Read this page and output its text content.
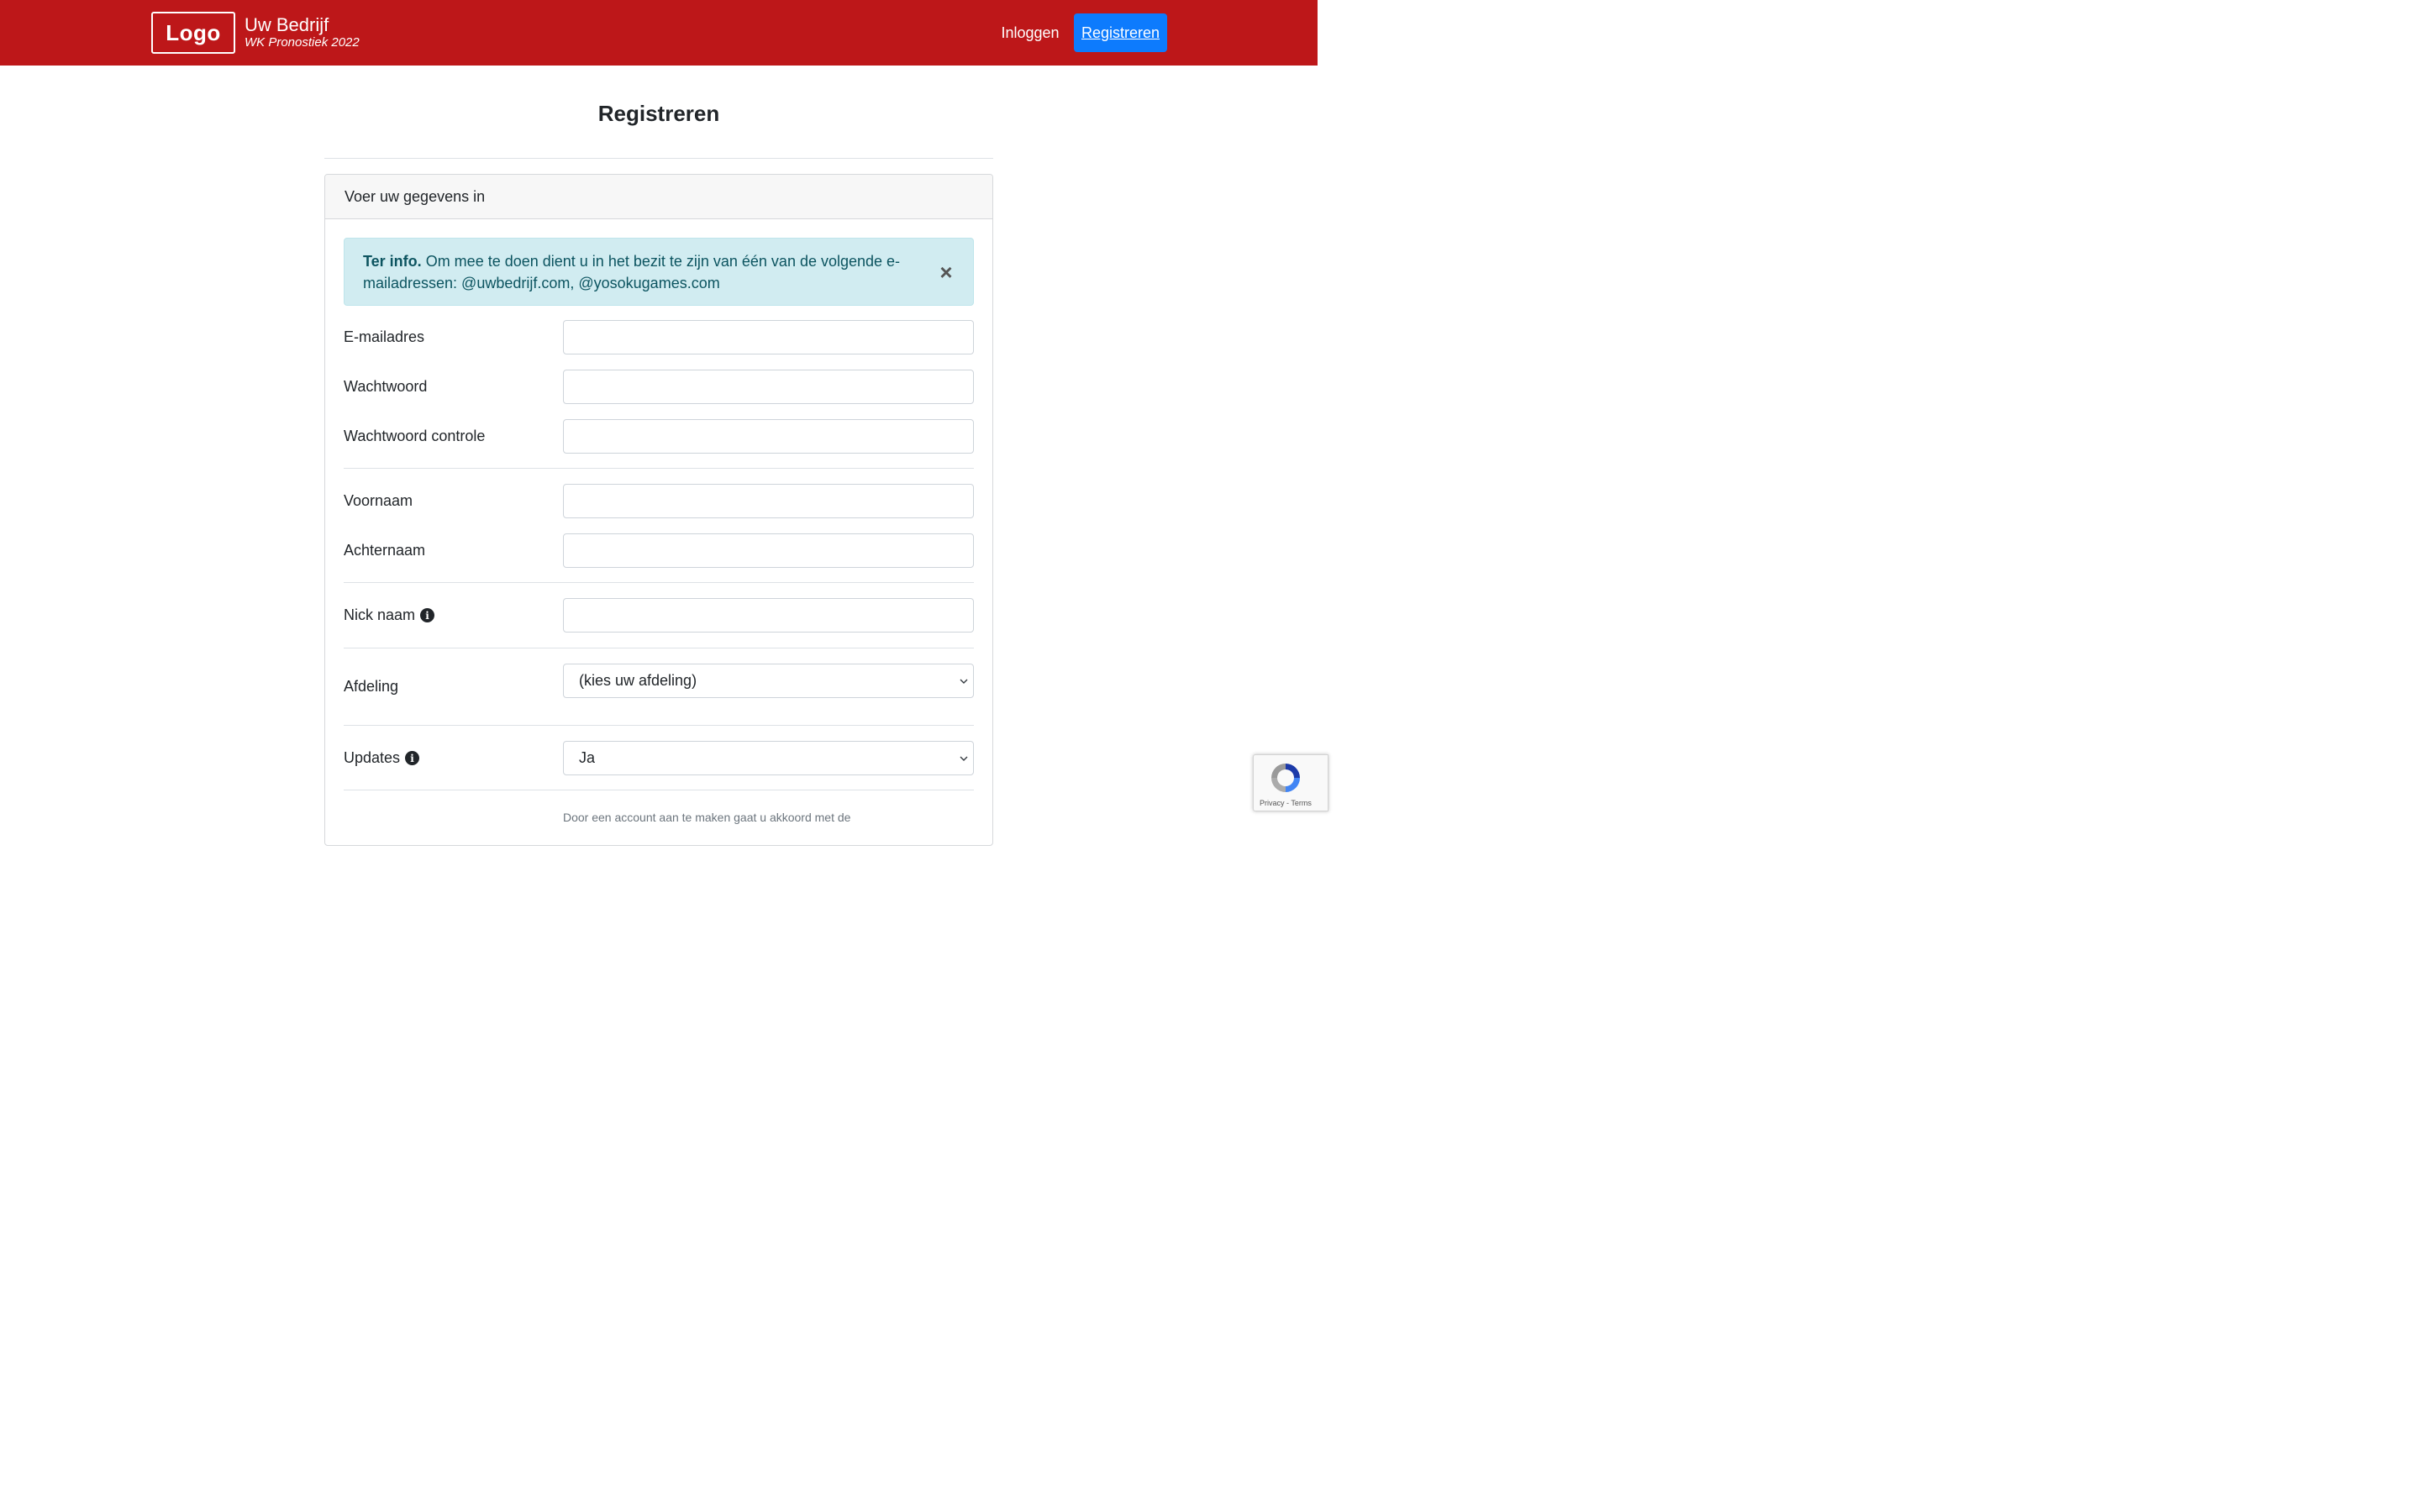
Logo	Uw Bedrijf
WK Pronostiek 2022
Inloggen	Registreren
Registreren
Voer uw gegevens in
Ter info. Om mee te doen dient u in het bezit te zijn van één van de volgende e-mailadressen: @uwbedrijf.com, @yosokugames.com	×
E-mailadres
Wachtwoord
Wachtwoord controle
Voornaam
Achternaam
Nick naam	i
Afdeling	(kies uw afdeling)
Updates	i	Ja
Door een account aan te maken gaat u akkoord met de
Privacy - Terms
